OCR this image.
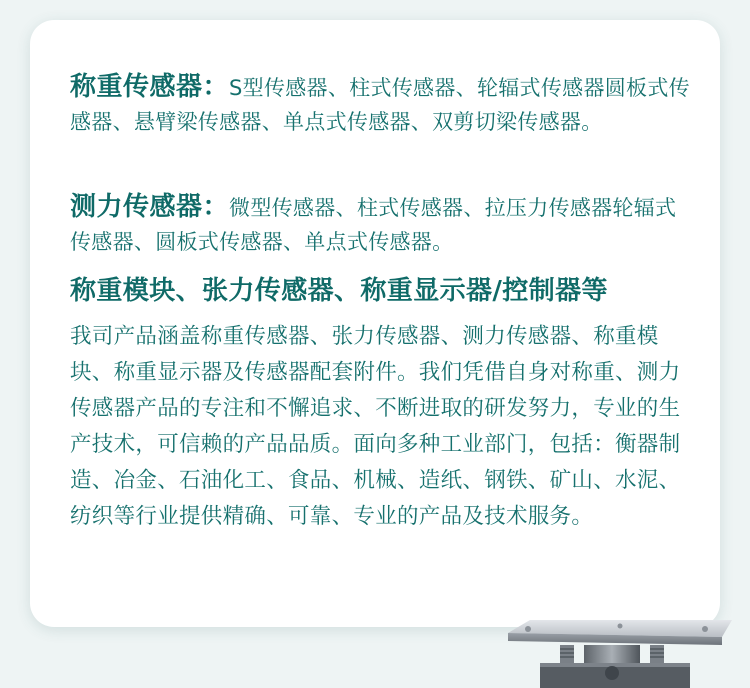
称重传感器：S型传感器、柱式传感器、轮辐式传感器圆板式传感器、悬臂梁传感器、单点式传感器、双剪切梁传感器。

测力传感器：微型传感器、柱式传感器、拉压力传感器轮辐式传感器、圆板式传感器、单点式传感器。

称重模块、张力传感器、称重显示器/控制器等

我司产品涵盖称重传感器、张力传感器、测力传感器、称重模块、称重显示器及传感器配套附件。我们凭借自身对称重、测力传感器产品的专注和不懈追求、不断进取的研发努力，专业的生产技术，可信赖的产品品质。面向多种工业部门，包括：衡器制造、冶金、石油化工、食品、机械、造纸、钢铁、矿山、水泥、纺织等行业提供精确、可靠、专业的产品及技术服务。
